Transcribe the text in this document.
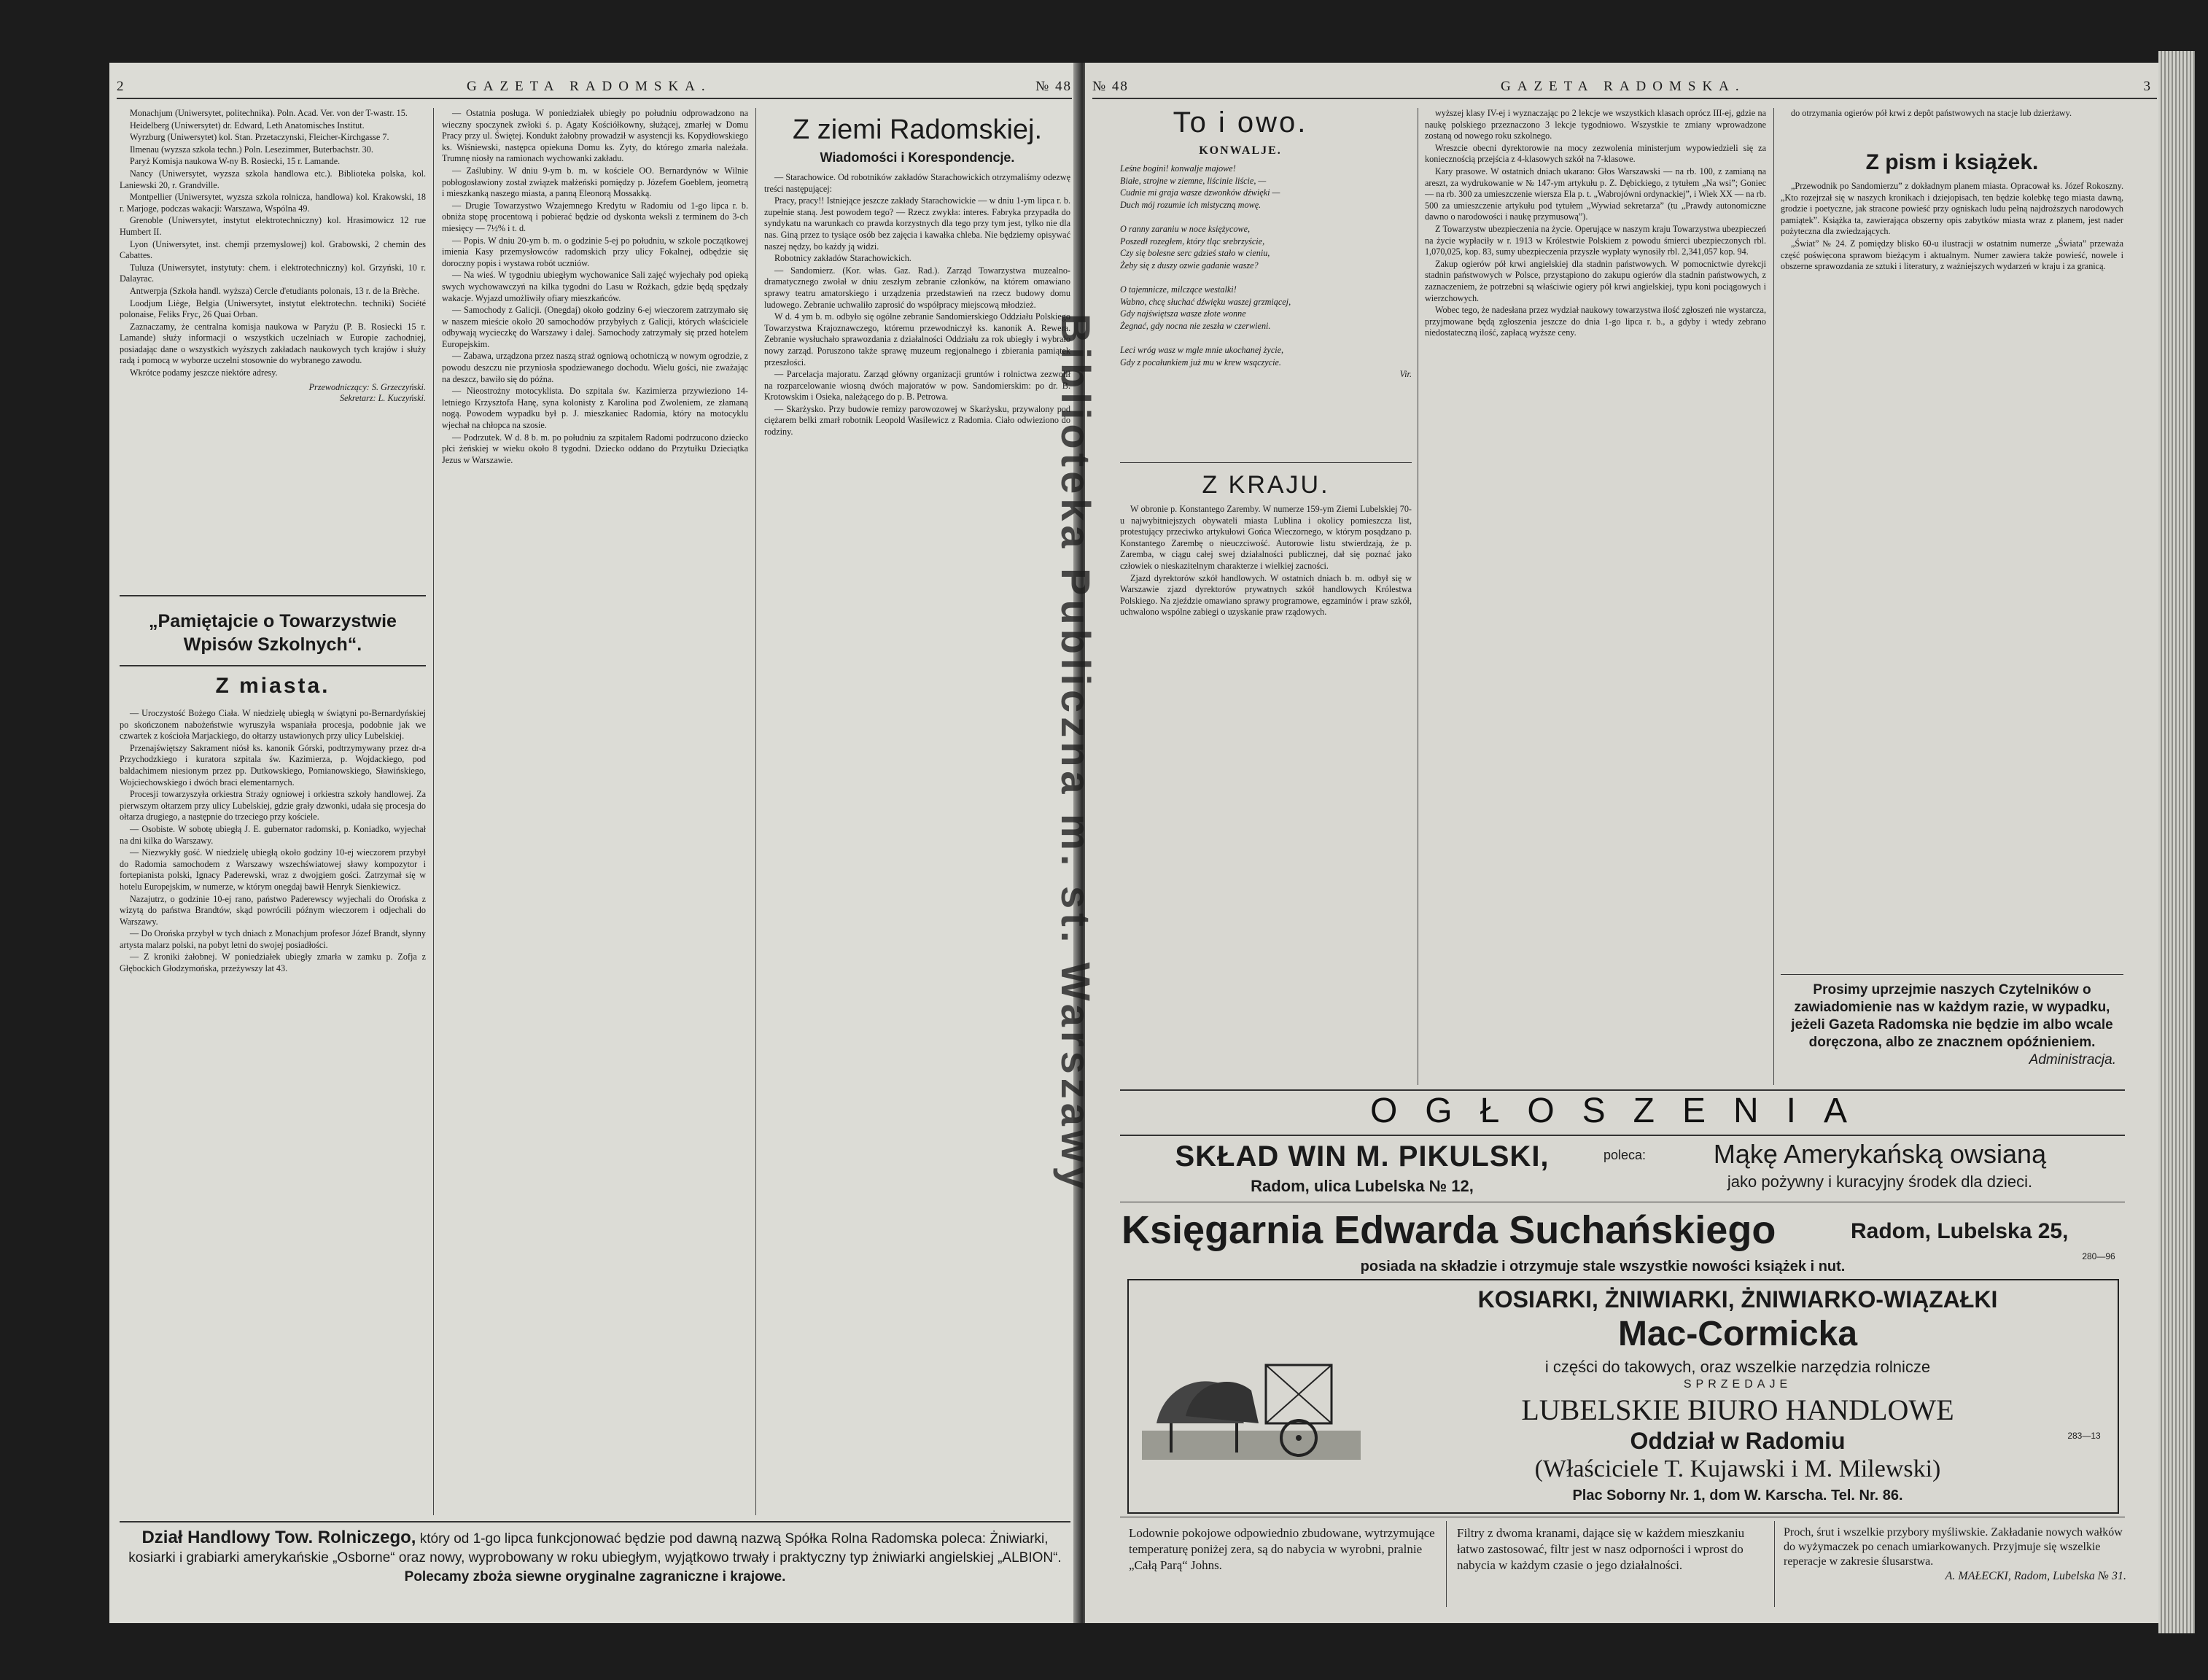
2	GAZETA RADOMSKA.	№ 48

Monachjum (Uniwersytet, politechnika). Poln. Acad. Ver. von der T-wastr. 15.

Heidelberg (Uniwersytet) dr. Edward, Leth Anatomisches Institut.

Wyrzburg (Uniwersytet) kol. Stan. Przetaczynski, Fleicher-Kirchgasse 7.

Ilmenau (wyzsza szkola techn.) Poln. Lesezimmer, Buterbachstr. 30.

Paryż Komisja naukowa W-ny B. Rosiecki, 15 r. Lamande.

Nancy (Uniwersytet, wyzsza szkola handlowa etc.). Biblioteka polska, kol. Laniewski 20, r. Grandville.

Montpellier (Uniwersytet, wyzsza szkola rolnicza, handlowa) kol. Krakowski, 18 r. Marjoge, podczas wakacji: Warszawa, Wspólna 49.

Grenoble (Uniwersytet, instytut elektrotechniczny) kol. Hrasimowicz 12 rue Humbert II.

Lyon (Uniwersytet, inst. chemji przemyslowej) kol. Grabowski, 2 chemin des Cabattes.

Tuluza (Uniwersytet, instytuty: chem. i elektrotechniczny) kol. Grzyński, 10 r. Dalayrac.

Antwerpja (Szkoła handl. wyższa) Cercle d'etudiants polonais, 13 r. de la Brèche.

Loodjum Liège, Belgia (Uniwersytet, instytut elektrotechn. techniki) Société polonaise, Feliks Fryc, 26 Quai Orban.

Zaznaczamy, że centralna komisja naukowa w Paryżu (P. B. Rosiecki 15 r. Lamande) służy informacji o wszystkich uczelniach w Europie zachodniej, posiadając dane o wszystkich wyższych zakładach naukowych tych krajów i służy radą i pomocą w wyborze uczelni stosownie do wybranego zawodu.

Wkrótce podamy jeszcze niektóre adresy.

Przewodniczący: S. Grzeczyński.
Sekretarz: L. Kuczyński.
„Pamiętajcie o Towarzystwie Wpisów Szkolnych“.
Z miasta.

— Uroczystość Bożego Ciała. W niedzielę ubiegłą w świątyni po-Bernardyńskiej po skończonem nabożeństwie wyruszyła wspaniała procesja, podobnie jak we czwartek z kościoła Marjackiego, do ołtarzy ustawionych przy ulicy Lubelskiej.

Przenajświętszy Sakrament niósł ks. kanonik Górski, podtrzymywany przez dr-a Przychodzkiego i kuratora szpitala św. Kazimierza, p. Wojdackiego, pod baldachimem niesionym przez pp. Dutkowskiego, Pomianowskiego, Sławińskiego, Wojciechowskiego i dwóch braci elementarnych.

Procesji towarzyszyła orkiestra Straży ogniowej i orkiestra szkoły handlowej. Za pierwszym ołtarzem przy ulicy Lubelskiej, gdzie grały dzwonki, udała się procesja do ołtarza drugiego, a następnie do trzeciego przy kościele.

— Osobiste. W sobotę ubiegłą J. E. gubernator radomski, p. Koniadko, wyjechał na dni kilka do Warszawy.

— Niezwykły gość. W niedzielę ubiegłą około godziny 10-ej wieczorem przybył do Radomia samochodem z Warszawy wszechświatowej sławy kompozytor i fortepianista polski, Ignacy Paderewski, wraz z dwojgiem gości. Zatrzymał się w hotelu Europejskim, w numerze, w którym onegdaj bawił Henryk Sienkiewicz.

Nazajutrz, o godzinie 10-ej rano, państwo Paderewscy wyjechali do Orońska z wizytą do państwa Brandtów, skąd powrócili późnym wieczorem i odjechali do Warszawy.

— Do Orońska przybył w tych dniach z Monachjum profesor Józef Brandt, słynny artysta malarz polski, na pobyt letni do swojej posiadłości.

— Z kroniki żałobnej. W poniedziałek ubiegły zmarła w zamku p. Zofja z Głębockich Głodzymońska, przeżywszy lat 43.

— Ostatnia posługa. W poniedziałek ubiegły po południu odprowadzono na wieczny spoczynek zwłoki ś. p. Agaty Kościółkowny, służącej, zmarłej w Domu Pracy przy ul. Świętej. Kondukt żałobny prowadził w asystencji ks. Kopydłowskiego ks. Wiśniewski, następca opiekuna Domu ks. Zyty, do którego zmarła należała. Trumnę niosły na ramionach wychowanki zakładu.

— Zaślubiny. W dniu 9-ym b. m. w kościele OO. Bernardynów w Wilnie pobłogosławiony został związek małżeński pomiędzy p. Józefem Goeblem, jeometrą i mieszkanką naszego miasta, a panną Eleonorą Mossakką.

— Drugie Towarzystwo Wzajemnego Kredytu w Radomiu od 1-go lipca r. b. obniża stopę procentową i pobierać będzie od dyskonta weksli z terminem do 3-ch miesięcy — 7½% i t. d.

— Popis. W dniu 20-ym b. m. o godzinie 5-ej po południu, w szkole początkowej imienia Kasy przemysłowców radomskich przy ulicy Fokalnej, odbędzie się doroczny popis i wystawa robót uczniów.

— Na wieś. W tygodniu ubiegłym wychowanice Sali zajęć wyjechały pod opieką swych wychowawczyń na kilka tygodni do Lasu w Rożkach, gdzie będą spędzały wakacje. Wyjazd umożliwiły ofiary mieszkańców.

— Samochody z Galicji. (Onegdaj) około godziny 6-ej wieczorem zatrzymało się w naszem mieście około 20 samochodów przybyłych z Galicji, których właściciele odbywają wycieczkę do Warszawy i dalej. Samochody zatrzymały się przed hotelem Europejskim.

— Zabawa, urządzona przez naszą straż ogniową ochotniczą w nowym ogrodzie, z powodu deszczu nie przyniosła spodziewanego dochodu. Wielu gości, nie zważając na deszcz, bawiło się do późna.

— Nieostrożny motocyklista. Do szpitala św. Kazimierza przywieziono 14-letniego Krzysztofa Hanę, syna kolonisty z Karolina pod Zwoleniem, ze złamaną nogą. Powodem wypadku był p. J. mieszkaniec Radomia, który na motocyklu wjechał na chłopca na szosie.

— Podrzutek. W d. 8 b. m. po południu za szpitalem Radomi podrzucono dziecko płci żeńskiej w wieku około 8 tygodni. Dziecko oddano do Przytułku Dzieciątka Jezus w Warszawie.

Z ziemi Radomskiej.
Wiadomości i Korespondencje.

— Starachowice. Od robotników zakładów Starachowickich otrzymaliśmy odezwę treści następującej:

Pracy, pracy!! Istniejące jeszcze zakłady Starachowickie — w dniu 1-ym lipca r. b. zupełnie staną. Jest powodem tego? — Rzecz zwykła: interes. Fabryka przypadła do syndykatu na warunkach co prawda korzystnych dla tego przy tym jest, tylko nie dla nas. Giną przez to tysiące osób bez zajęcia i kawałka chleba. Nie będziemy opisywać naszej nędzy, bo każdy ją widzi.

Robotnicy zakładów Starachowickich.

— Sandomierz. (Kor. włas. Gaz. Rad.). Zarząd Towarzystwa muzealno-dramatycznego zwołał w dniu zeszłym zebranie członków, na którem omawiano sprawy teatru amatorskiego i urządzenia przedstawień na rzecz budowy domu ludowego. Zebranie uchwaliło zaprosić do współpracy miejscową młodzież.

W d. 4 ym b. m. odbyło się ogólne zebranie Sandomierskiego Oddziału Polskiego Towarzystwa Krajoznawczego, któremu przewodniczył ks. kanonik A. Rewera. Zebranie wysłuchało sprawozdania z działalności Oddziału za rok ubiegły i wybrało nowy zarząd. Poruszono także sprawę muzeum regjonalnego i zbierania pamiątek przeszłości.

— Parcelacja majoratu. Zarząd główny organizacji gruntów i rolnictwa zezwolił na rozparcelowanie wiosną dwóch majoratów w pow. Sandomierskim: po dr. B. Krotowskim i Osieka, należącego do p. B. Petrowa.

— Skarżysko. Przy budowie remizy parowozowej w Skarżysku, przywalony pod ciężarem belki zmarł robotnik Leopold Wasilewicz z Radomia. Ciało odwieziono do rodziny.

Dział Handlowy Tow. Rolniczego, który od 1-go lipca funkcjonować będzie pod dawną nazwą Spółka Rolna Radomska poleca: Żniwiarki, kosiarki i grabiarki amerykańskie „Osborne“ oraz nowy, wyprobowany w roku ubiegłym, wyjątkowo trwały i praktyczny typ żniwiarki angielskiej „ALBION“.
Polecamy zboża siewne oryginalne zagraniczne i krajowe.
№ 48	GAZETA RADOMSKA.	3
To i owo.
KONWALJE.

Leśne bogini! konwalje majowe!

Białe, strojne w ziemne, liścinie liście, —

Cudnie mi graja wasze dzwonków dźwięki —

Duch mój rozumie ich mistyczną mowę.

O ranny zaraniu w noce księżycowe,

Poszedł rozegłem, który tląc srebrzyście,

Czy się bolesne serc gdzieś stało w cieniu,

Żeby się z duszy ozwie gadanie wasze?

O tajemnicze, milczące westalki!

Wabno, chcę słuchać dźwięku waszej grzmiącej,

Gdy najświętsza wasze złote wonne

Żegnać, gdy nocna nie zeszła w czerwieni.

Leci wróg wasz w mgle mnie ukochanej życie,

Gdy z pocałunkiem już mu w krew wsączycie.

Vir.
Z KRAJU.

W obronie p. Konstantego Zaremby. W numerze 159-ym Ziemi Lubelskiej 70-u najwybitniejszych obywateli miasta Lublina i okolicy pomieszcza list, protestujący przeciwko artykułowi Gońca Wieczornego, w którym posądzano p. Konstantego Zarembę o nieuczciwość. Autorowie listu stwierdzają, że p. Zaremba, w ciągu całej swej działalności publicznej, dał się poznać jako człowiek o nieskazitelnym charakterze i wielkiej zacności.

Zjazd dyrektorów szkół handlowych. W ostatnich dniach b. m. odbył się w Warszawie zjazd dyrektorów prywatnych szkół handlowych Królestwa Polskiego. Na zjeździe omawiano sprawy programowe, egzaminów i praw szkół, uchwalono wspólne zabiegi o uzyskanie praw rządowych.

wyższej klasy IV-ej i wyznaczając po 2 lekcje we wszystkich klasach oprócz III-ej, gdzie na naukę polskiego przeznaczono 3 lekcje tygodniowo. Wszystkie te zmiany wprowadzone zostaną od nowego roku szkolnego.

Wreszcie obecni dyrektorowie na mocy zezwolenia ministerjum wypowiedzieli się za koniecznością przejścia z 4-klasowych szkół na 7-klasowe.

Kary prasowe. W ostatnich dniach ukarano: Głos Warszawski — na rb. 100, z zamianą na areszt, za wydrukowanie w № 147-ym artykułu p. Z. Dębickiego, z tytułem „Na wsi”; Goniec — na rb. 300 za umieszczenie wiersza Ela p. t. „Wabrojówni ordynackiej”, i Wiek XX — na rb. 500 za umieszczenie artykułu pod tytułem „Wywiad sekretarza” (tu „Prawdy autonomiczne dawno o narodowości i naukę przymusową”).

Z Towarzystw ubezpieczenia na życie. Operujące w naszym kraju Towarzystwa ubezpieczeń na życie wypłaciły w r. 1913 w Królestwie Polskiem z powodu śmierci ubezpieczonych rbl. 1,070,025, kop. 83, sumy ubezpieczenia przyszłe wypłaty wynosiły rbl. 2,341,057 kop. 94.

Zakup ogierów pół krwi angielskiej dla stadnin państwowych. W pomocnictwie dyrekcji stadnin państwowych w Polsce, przystąpiono do zakupu ogierów dla stadnin państwowych, z zaznaczeniem, że potrzebni są właściwie ogiery pół krwi angielskiej, typu koni pociągowych i wierzchowych.

Wobec tego, że nadesłana przez wydział naukowy towarzystwa ilość zgłoszeń nie wystarcza, przyjmowane będą zgłoszenia jeszcze do dnia 1-go lipca r. b., a gdyby i wtedy zebrano niedostateczną ilość, zapłacą wyższe ceny.

do otrzymania ogierów pół krwi z depôt państwowych na stacje lub dzierżawy.

Z pism i książek.

„Przewodnik po Sandomierzu” z dokładnym planem miasta. Opracował ks. Józef Rokoszny. „Kto rozejrzał się w naszych kronikach i dziejopisach, ten będzie kolebkę tego miasta dawną, grodzie i poetyczne, jak stracone powieść przy ogniskach ludu pełną najdroższych narodowych pamiątek”. Książka ta, zawierająca obszerny opis zabytków miasta wraz z planem, jest nader pożyteczna dla zwiedzających.

„Świat” № 24. Z pomiędzy blisko 60-u ilustracji w ostatnim numerze „Świata” przeważa część poświęcona sprawom bieżącym i aktualnym. Numer zawiera także powieść, nowele i obszerne sprawozdania ze sztuki i literatury, z ważniejszych wydarzeń w kraju i za granicą.

Prosimy uprzejmie naszych Czytelników o zawiadomienie nas w każdym razie, w wypadku, jeżeli Gazeta Radomska nie będzie im albo wcale doręczona, albo ze znacznem opóźnieniem.
Administracja.
OGŁOSZENIA
SKŁAD WIN M. PIKULSKI,
Radom, ulica Lubelska № 12,
poleca:	Mąkę Amerykańską owsianą
jako pożywny i kuracyjny środek dla dzieci.
Księgarnia Edwarda Suchańskiego	Radom, Lubelska 25,
posiada na składzie i otrzymuje stale wszystkie nowości książek i nut.
280—96
KOSIARKI, ŻNIWIARKI, ŻNIWIARKO-WIĄZAŁKI
Mac-Cormicka
i części do takowych, oraz wszelkie narzędzia rolnicze
SPRZEDAJE
LUBELSKIE BIURO HANDLOWE
Oddział w Radomiu
(Właściciele T. Kujawski i M. Milewski)
Plac Soborny Nr. 1, dom W. Karscha. Tel. Nr. 86.
283—13
Lodownie pokojowe odpowiednio zbudowane, wytrzymujące temperaturę poniżej zera, są do nabycia w wyrobni, pralnie „Całą Parą“ Johns.
Filtry z dwoma kranami, dające się w każdem mieszkaniu łatwo zastosować, filtr jest w nasz odporności i wprost do nabycia w każdym czasie o jego działalności.
Proch, śrut i wszelkie przybory myśliwskie. Zakładanie nowych wałków do wyżymaczek po cenach umiarkowanych. Przyjmuje się wszelkie reperacje w zakresie ślusarstwa.
A. MAŁECKI, Radom, Lubelska № 31.
Biblioteka Publiczna m. st. Warszawy
